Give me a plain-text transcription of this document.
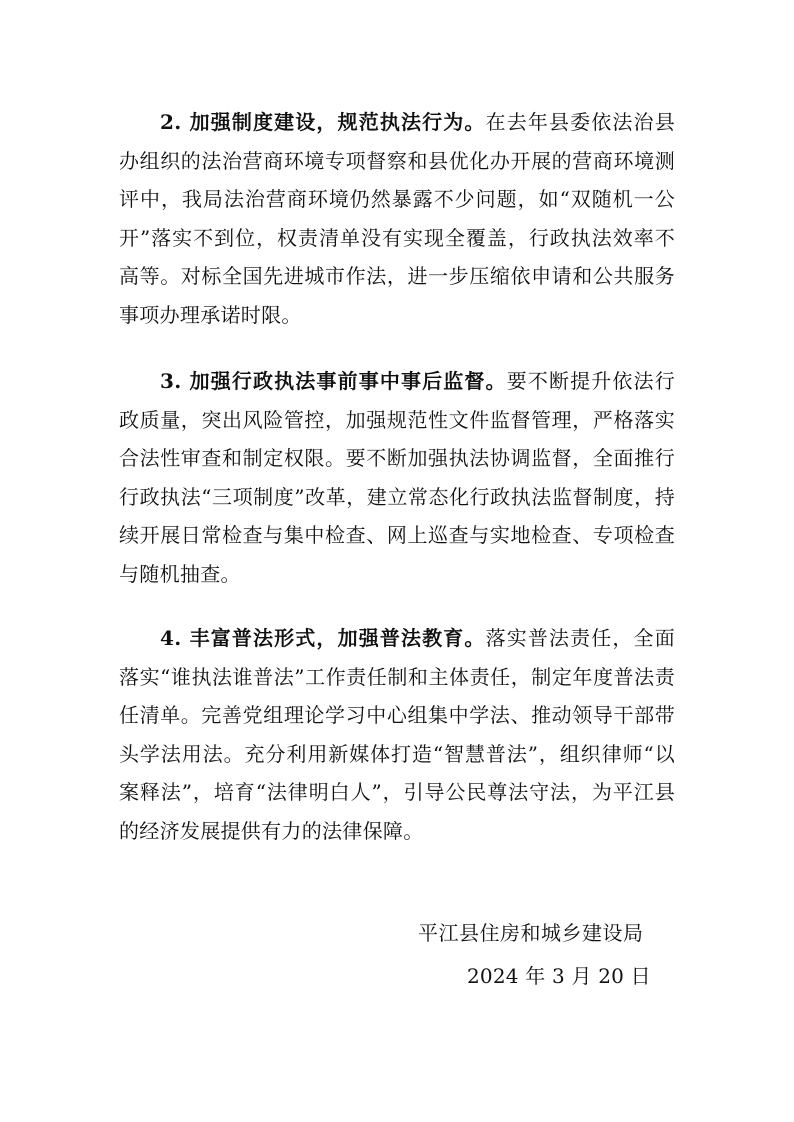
2. 加强制度建设，规范执法行为。在去年县委依法治县办组织的法治营商环境专项督察和县优化办开展的营商环境测评中，我局法治营商环境仍然暴露不少问题，如“双随机一公开”落实不到位，权责清单没有实现全覆盖，行政执法效率不高等。对标全国先进城市作法，进一步压缩依申请和公共服务事项办理承诺时限。

3. 加强行政执法事前事中事后监督。要不断提升依法行政质量，突出风险管控，加强规范性文件监督管理，严格落实合法性审查和制定权限。要不断加强执法协调监督，全面推行行政执法“三项制度”改革，建立常态化行政执法监督制度，持续开展日常检查与集中检查、网上巡查与实地检查、专项检查与随机抽查。

4. 丰富普法形式，加强普法教育。落实普法责任，全面落实“谁执法谁普法”工作责任制和主体责任，制定年度普法责任清单。完善党组理论学习中心组集中学法、推动领导干部带头学法用法。充分利用新媒体打造“智慧普法”，组织律师“以案释法”，培育“法律明白人”，引导公民尊法守法，为平江县的经济发展提供有力的法律保障。

平江县住房和城乡建设局
2024 年 3 月 20 日
